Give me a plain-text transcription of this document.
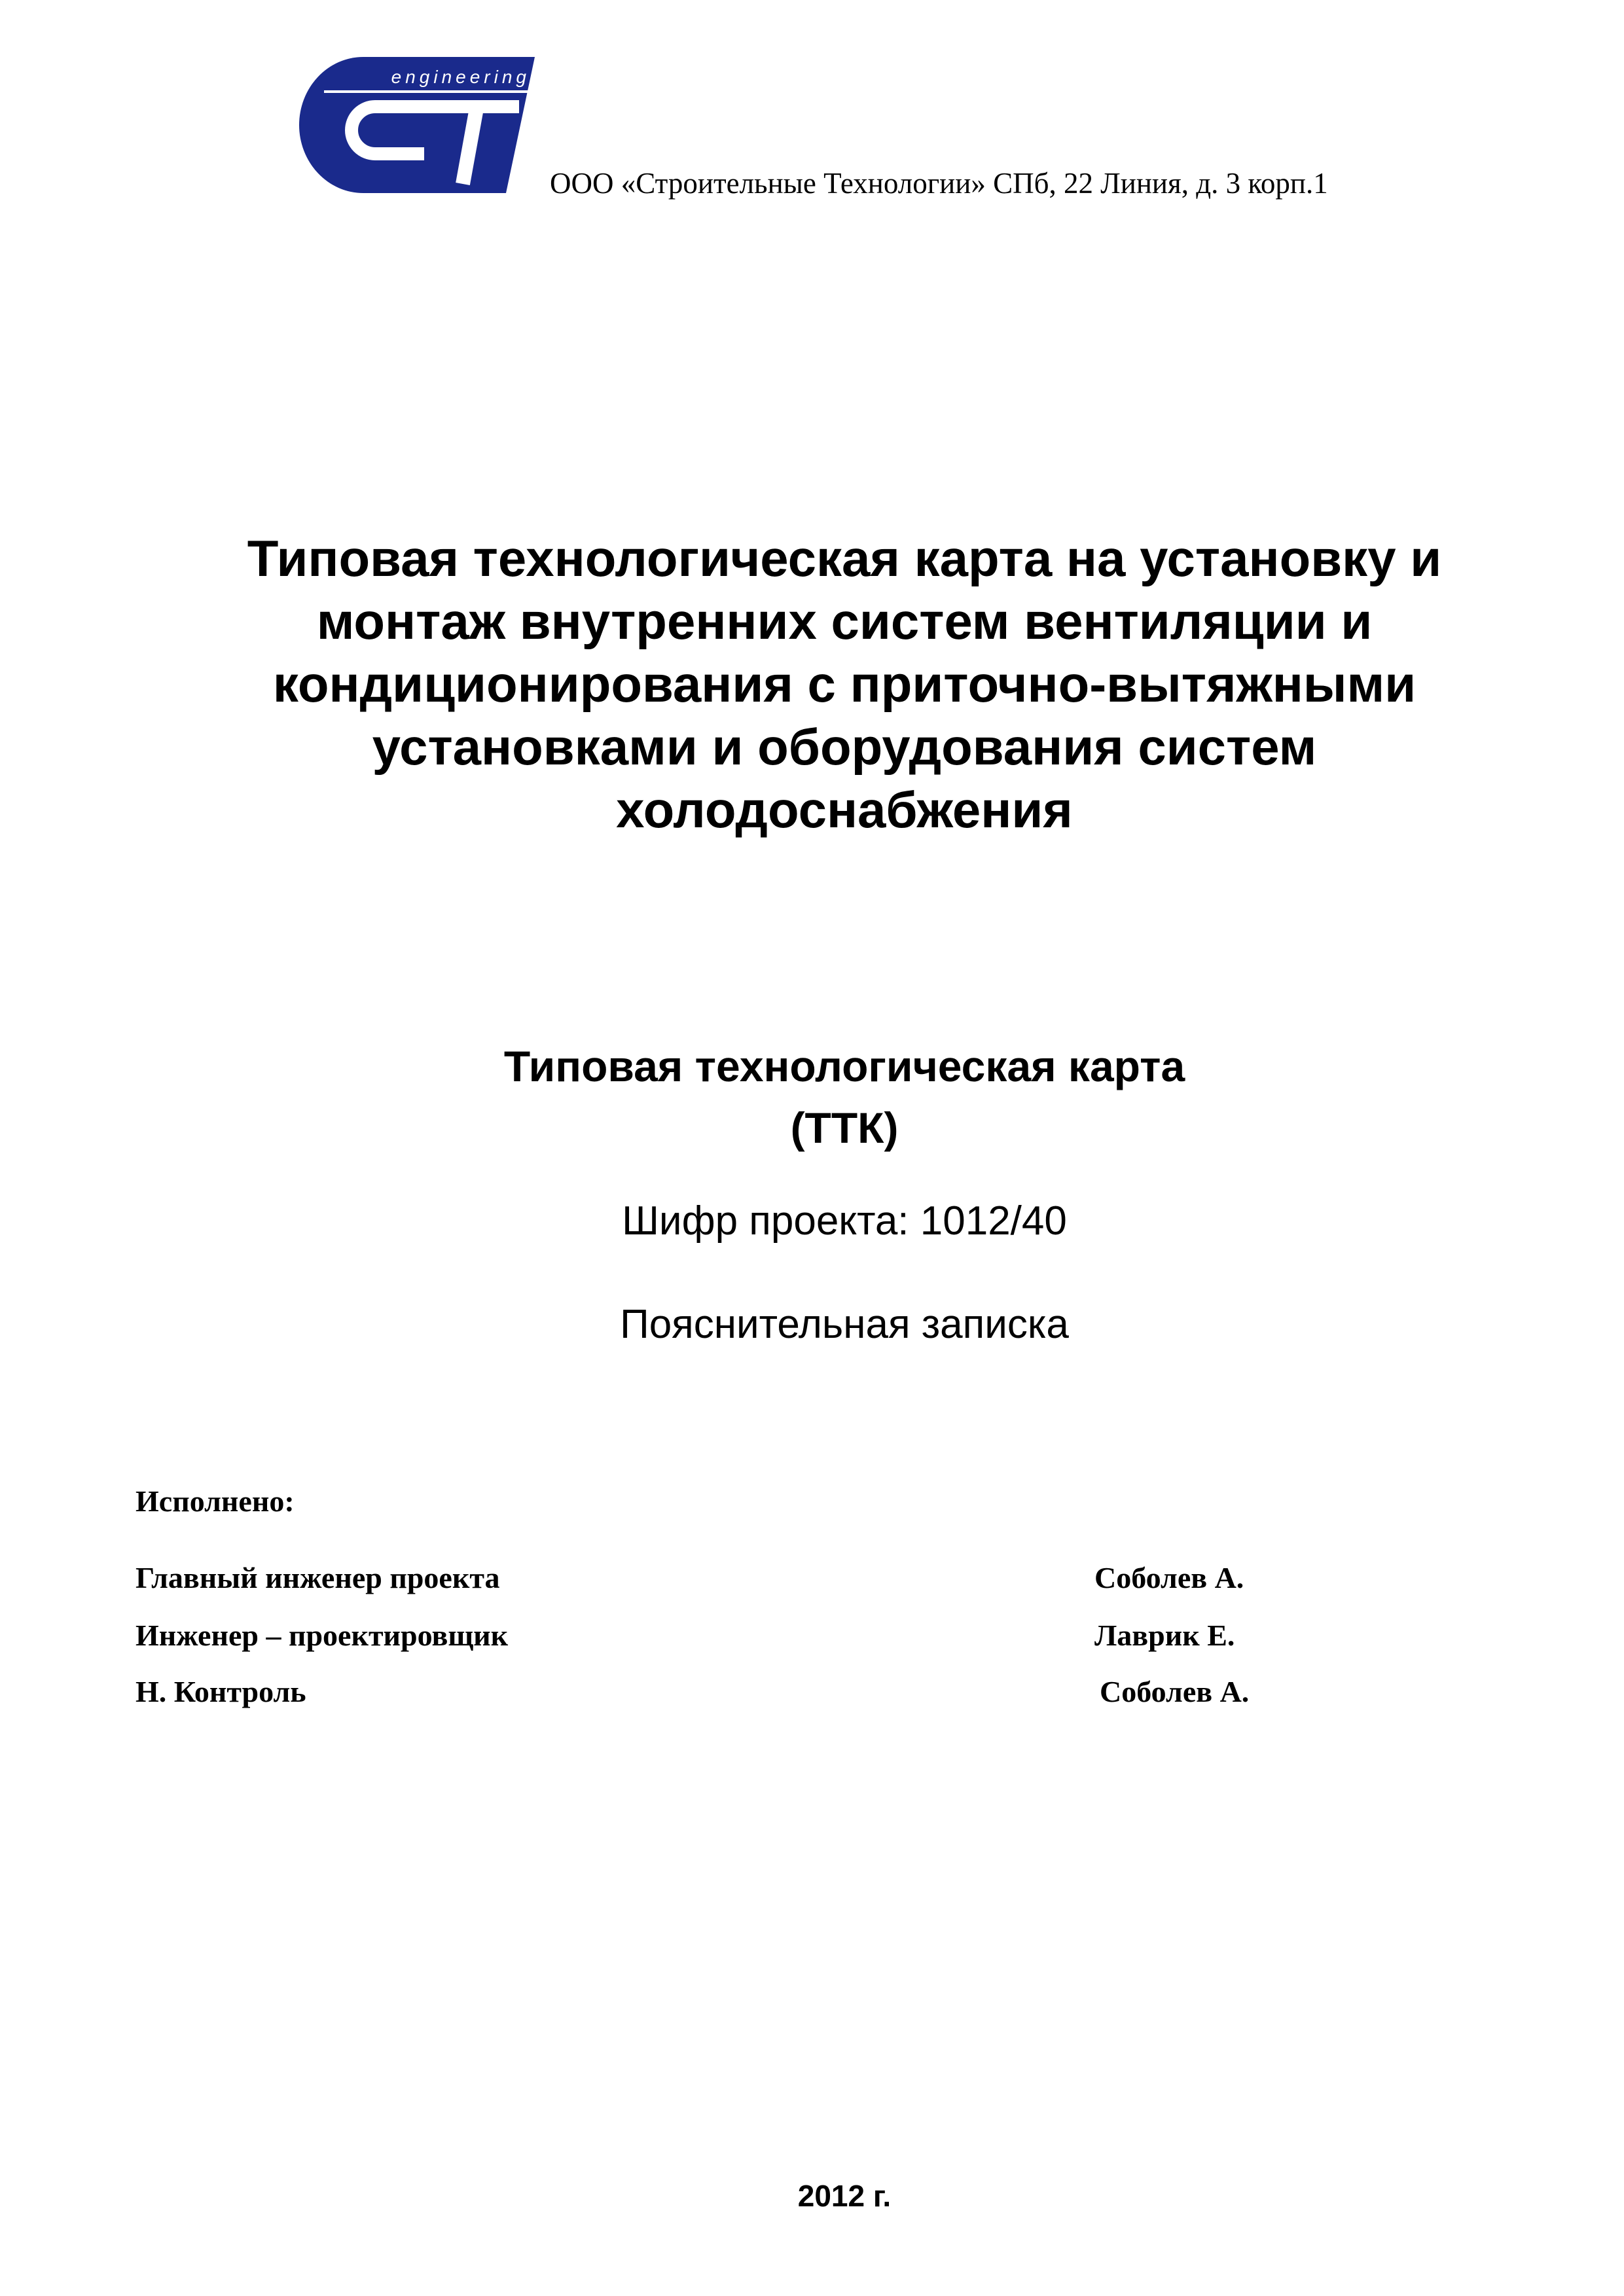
engineering
ООО «Строительные Технологии» СПб, 22 Линия, д. 3 корп.1
Типовая технологическая карта на установку и
монтаж внутренних систем вентиляции и
кондиционирования с приточно-вытяжными
установками и оборудования систем
холодоснабжения
Типовая технологическая карта
(ТТК)
Шифр проекта: 1012/40
Пояснительная записка
Исполнено:
Главный инженер проекта	Соболев А.
Инженер – проектировщик	Лаврик Е.
Н. Контроль	Соболев А.
2012 г.
